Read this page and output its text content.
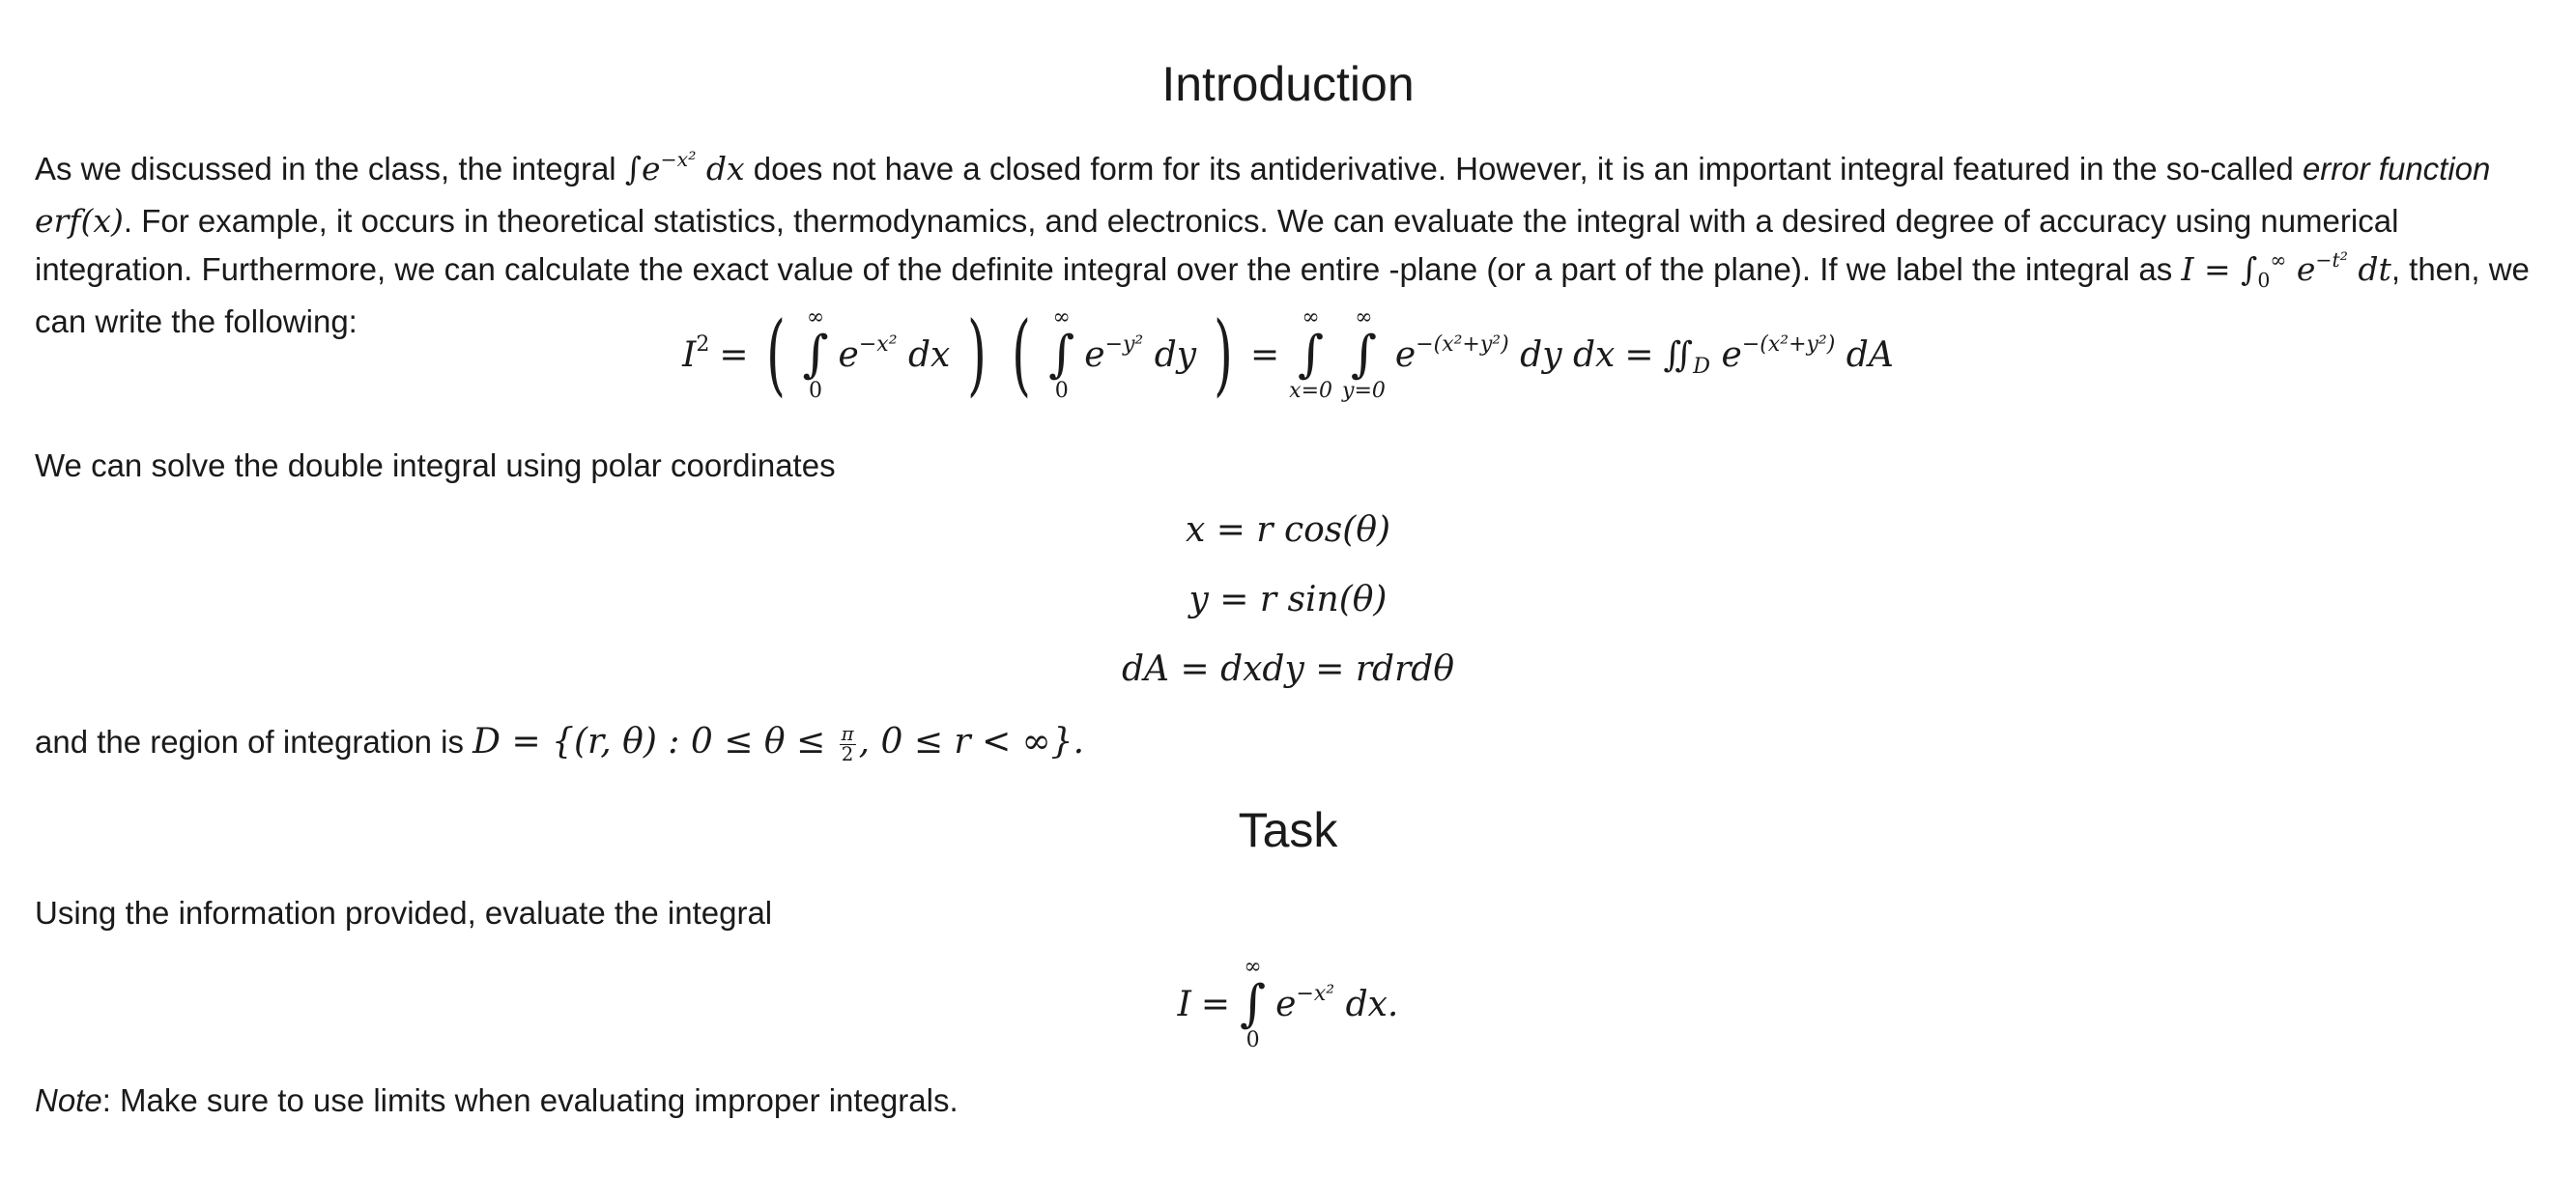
Introduction
As we discussed in the class, the integral $\int e^{-x^2}$ dx does not have a closed form for its antiderivative. However, it is an important integral featured in the so-called error function erf(x). For example, it occurs in theoretical statistics, thermodynamics, and electronics. We can evaluate the integral with a desired degree of accuracy using numerical integration. Furthermore, we can calculate the exact value of the definite integral over the entire -plane (or a part of the plane). If we label the integral as $I = \int_0^\infty$ $e^{-t^2}$ dt, then, we can write the following:
$I^2$ = ( ∞
∫
0
$e^{-x^2}$ dx ) ( ∞
∫
0
$e^{-y^2}$ dy ) =
∞
∫
x=0
∞
∫
y=0
$e^{-(x^2+y^2)}$ dy dx = $∬_D$ $e^{-(x^2+y^2)}$ dA
We can solve the double integral using polar coordinates
x = r cos(θ)
y = r sin(θ)
dA = dxdy = rdrdθ
and the region of integration is D = {(r, θ) : $0 \le \theta \le \frac{\pi}{2}$ , 0 ≤ r < ∞}.
Task
Using the information provided, evaluate the integral
I =
∞
∫
0
$e^{-x^2}$ dx.
Note: Make sure to use limits when evaluating improper integrals.
